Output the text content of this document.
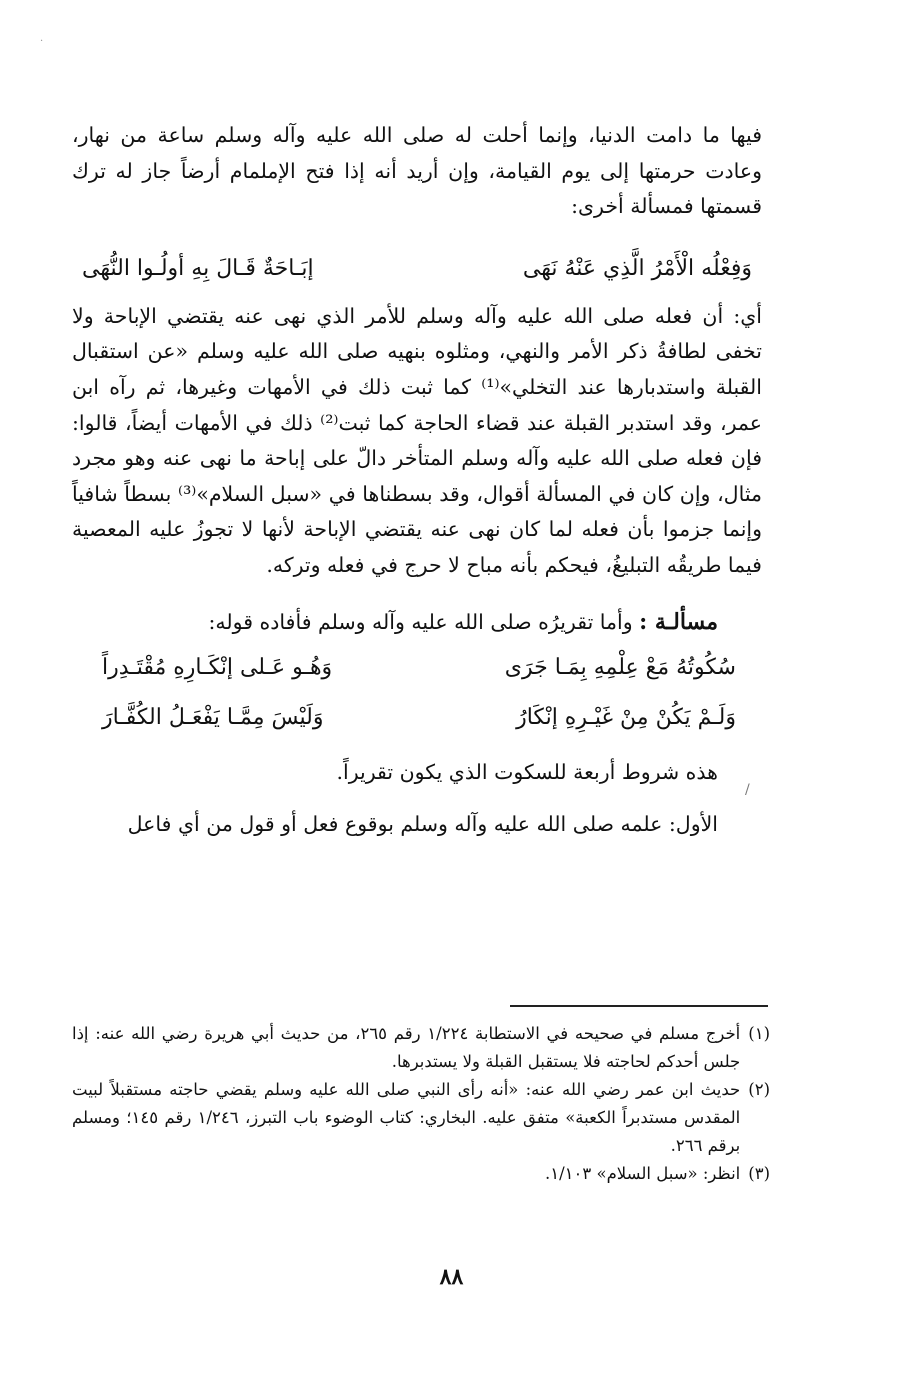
·

فيها ما دامت الدنيا، وإنما أحلت له صلى الله عليه وآله وسلم ساعة من نهار، وعادت حرمتها إلى يوم القيامة، وإن أريد أنه إذا فتح الإملمام أرضاً جاز له ترك قسمتها فمسألة أخرى:

وَفِعْلُه الْأَمْرُ الَّذِي عَنْهُ نَهَى
إبَـاحَةٌ قَـالَ بِهِ أولُـوا النُّهَى

أي: أن فعله صلى الله عليه وآله وسلم للأمر الذي نهى عنه يقتضي الإباحة ولا تخفى لطافةُ ذكر الأمر والنهي، ومثلوه بنهيه صلى الله عليه وسلم «عن استقبال القبلة واستدبارها عند التخلي»⁽¹⁾ كما ثبت ذلك في الأمهات وغيرها، ثم رآه ابن عمر، وقد استدبر القبلة عند قضاء الحاجة كما ثبت⁽²⁾ ذلك في الأمهات أيضاً، قالوا: فإن فعله صلى الله عليه وآله وسلم المتأخر دالّ على إباحة ما نهى عنه وهو مجرد مثال، وإن كان في المسألة أقوال، وقد بسطناها في «سبل السلام»⁽³⁾ بسطاً شافياً وإنما جزموا بأن فعله لما كان نهى عنه يقتضي الإباحة لأنها لا تجوزُ عليه المعصية فيما طريقُه التبليغُ، فيحكم بأنه مباح لا حرج في فعله وتركه.

مسألـة : وأما تقريرُه صلى الله عليه وآله وسلم فأفاده قوله:
سُكُوتُهُ مَعْ عِلْمِهِ بِمَـا جَرَى
وَهُـو عَـلى إنْكَـارِهِ مُقْتَـدِراً
وَلَـمْ يَكُنْ مِنْ غَيْـرِهِ إنْكَارُ
وَلَيْسَ مِمَّـا يَفْعَـلُ الكُفَّـارَ
هذه شروط أربعة للسكوت الذي يكون تقريراً.
الأول: علمه صلى الله عليه وآله وسلم بوقوع فعل أو قول من أي فاعل
/
(١)
أخرج مسلم في صحيحه في الاستطابة ١/٢٢٤ رقم ٢٦٥، من حديث أبي هريرة رضي الله عنه: إذا جلس أحدكم لحاجته فلا يستقبل القبلة ولا يستدبرها.
(٢)
حديث ابن عمر رضي الله عنه: «أنه رأى النبي صلى الله عليه وسلم يقضي حاجته مستقبلاً لبيت المقدس مستدبراً الكعبة» متفق عليه. البخاري: كتاب الوضوء باب التبرز، ١/٢٤٦ رقم ١٤٥؛ ومسلم برقم ٢٦٦.
(٣)
انظر: «سبل السلام» ١/١٠٣.
٨٨
